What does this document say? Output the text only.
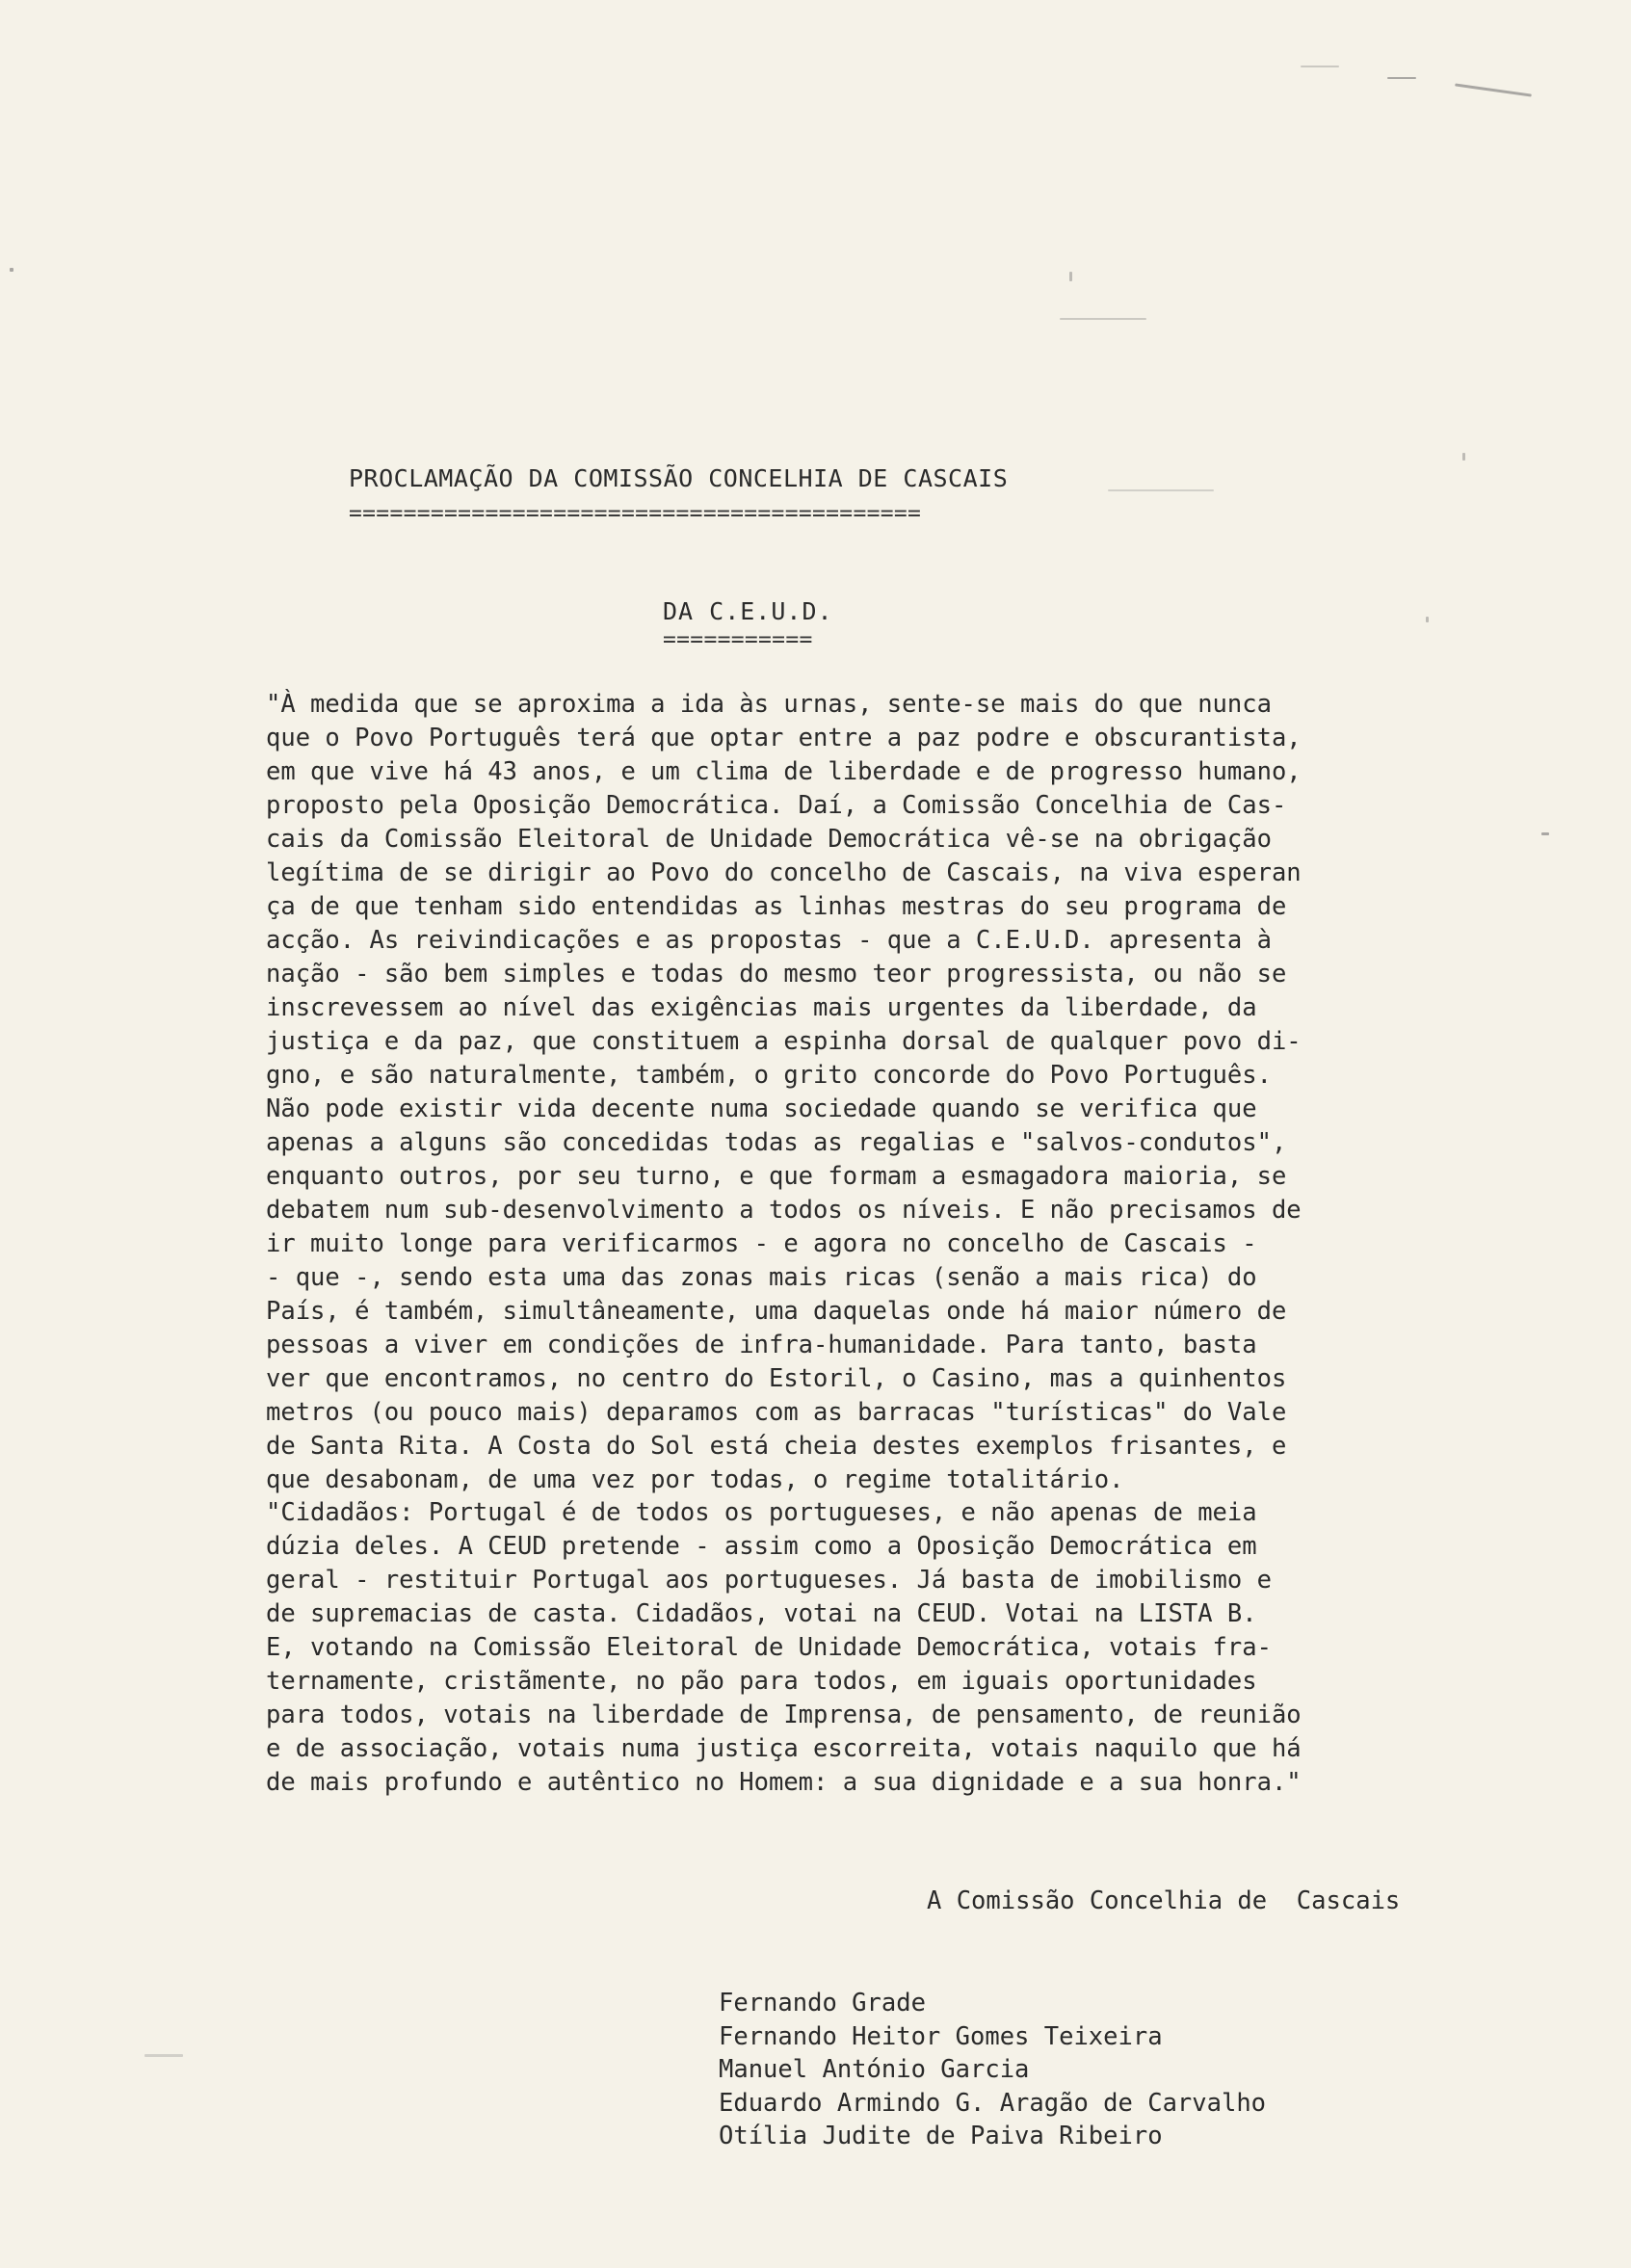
PROCLAMAÇÃO DA COMISSÃO CONCELHIA DE CASCAIS
==========================================
DA C.E.U.D.
===========
"À medida que se aproxima a ida às urnas, sente-se mais do que nunca
que o Povo Português terá que optar entre a paz podre e obscurantista,
em que vive há 43 anos, e um clima de liberdade e de progresso humano,
proposto pela Oposição Democrática. Daí, a Comissão Concelhia de Cas-
cais da Comissão Eleitoral de Unidade Democrática vê-se na obrigação
legítima de se dirigir ao Povo do concelho de Cascais, na viva esperan
ça de que tenham sido entendidas as linhas mestras do seu programa de
acção. As reivindicações e as propostas - que a C.E.U.D. apresenta à
nação - são bem simples e todas do mesmo teor progressista, ou não se
inscrevessem ao nível das exigências mais urgentes da liberdade, da
justiça e da paz, que constituem a espinha dorsal de qualquer povo di-
gno, e são naturalmente, também, o grito concorde do Povo Português.
Não pode existir vida decente numa sociedade quando se verifica que
apenas a alguns são concedidas todas as regalias e "salvos-condutos",
enquanto outros, por seu turno, e que formam a esmagadora maioria, se
debatem num sub-desenvolvimento a todos os níveis. E não precisamos de
ir muito longe para verificarmos - e agora no concelho de Cascais -
- que -, sendo esta uma das zonas mais ricas (senão a mais rica) do
País, é também, simultâneamente, uma daquelas onde há maior número de
pessoas a viver em condições de infra-humanidade. Para tanto, basta
ver que encontramos, no centro do Estoril, o Casino, mas a quinhentos
metros (ou pouco mais) deparamos com as barracas "turísticas" do Vale
de Santa Rita. A Costa do Sol está cheia destes exemplos frisantes, e
que desabonam, de uma vez por todas, o regime totalitário.
"Cidadãos: Portugal é de todos os portugueses, e não apenas de meia
dúzia deles. A CEUD pretende - assim como a Oposição Democrática em
geral - restituir Portugal aos portugueses. Já basta de imobilismo e
de supremacias de casta. Cidadãos, votai na CEUD. Votai na LISTA B.
E, votando na Comissão Eleitoral de Unidade Democrática, votais fra-
ternamente, cristãmente, no pão para todos, em iguais oportunidades
para todos, votais na liberdade de Imprensa, de pensamento, de reunião
e de associação, votais numa justiça escorreita, votais naquilo que há
de mais profundo e autêntico no Homem: a sua dignidade e a sua honra."
A Comissão Concelhia de  Cascais
Fernando Grade
Fernando Heitor Gomes Teixeira
Manuel António Garcia
Eduardo Armindo G. Aragão de Carvalho
Otília Judite de Paiva Ribeiro
